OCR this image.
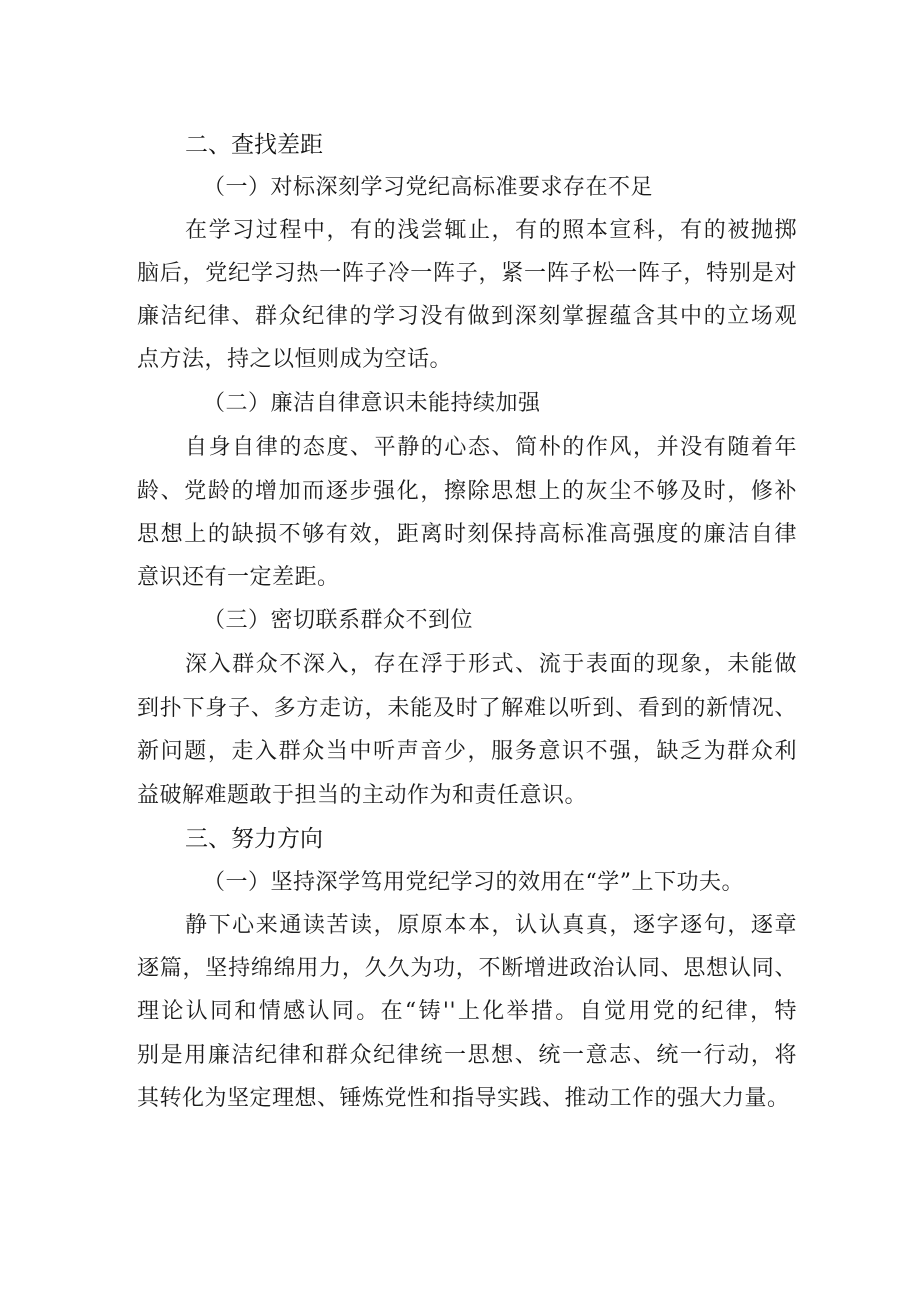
二、查找差距
（一）对标深刻学习党纪高标准要求存在不足
在学习过程中，有的浅尝辄止，有的照本宣科，有的被抛掷
脑后，党纪学习热一阵子冷一阵子，紧一阵子松一阵子，特别是对
廉洁纪律、群众纪律的学习没有做到深刻掌握蕴含其中的立场观
点方法，持之以恒则成为空话。
（二）廉洁自律意识未能持续加强
自身自律的态度、平静的心态、简朴的作风，并没有随着年
龄、党龄的增加而逐步强化，擦除思想上的灰尘不够及时，修补
思想上的缺损不够有效，距离时刻保持高标准高强度的廉洁自律
意识还有一定差距。
（三）密切联系群众不到位
深入群众不深入，存在浮于形式、流于表面的现象，未能做
到扑下身子、多方走访，未能及时了解难以听到、看到的新情况、
新问题，走入群众当中听声音少，服务意识不强，缺乏为群众利
益破解难题敢于担当的主动作为和责任意识。
三、努力方向
（一）坚持深学笃用党纪学习的效用在“学”上下功夫。
静下心来通读苦读，原原本本，认认真真，逐字逐句，逐章
逐篇，坚持绵绵用力，久久为功，不断增进政治认同、思想认同、
理论认同和情感认同。在“铸''上化举措。自觉用党的纪律，特
别是用廉洁纪律和群众纪律统一思想、统一意志、统一行动，将
其转化为坚定理想、锤炼党性和指导实践、推动工作的强大力量。
